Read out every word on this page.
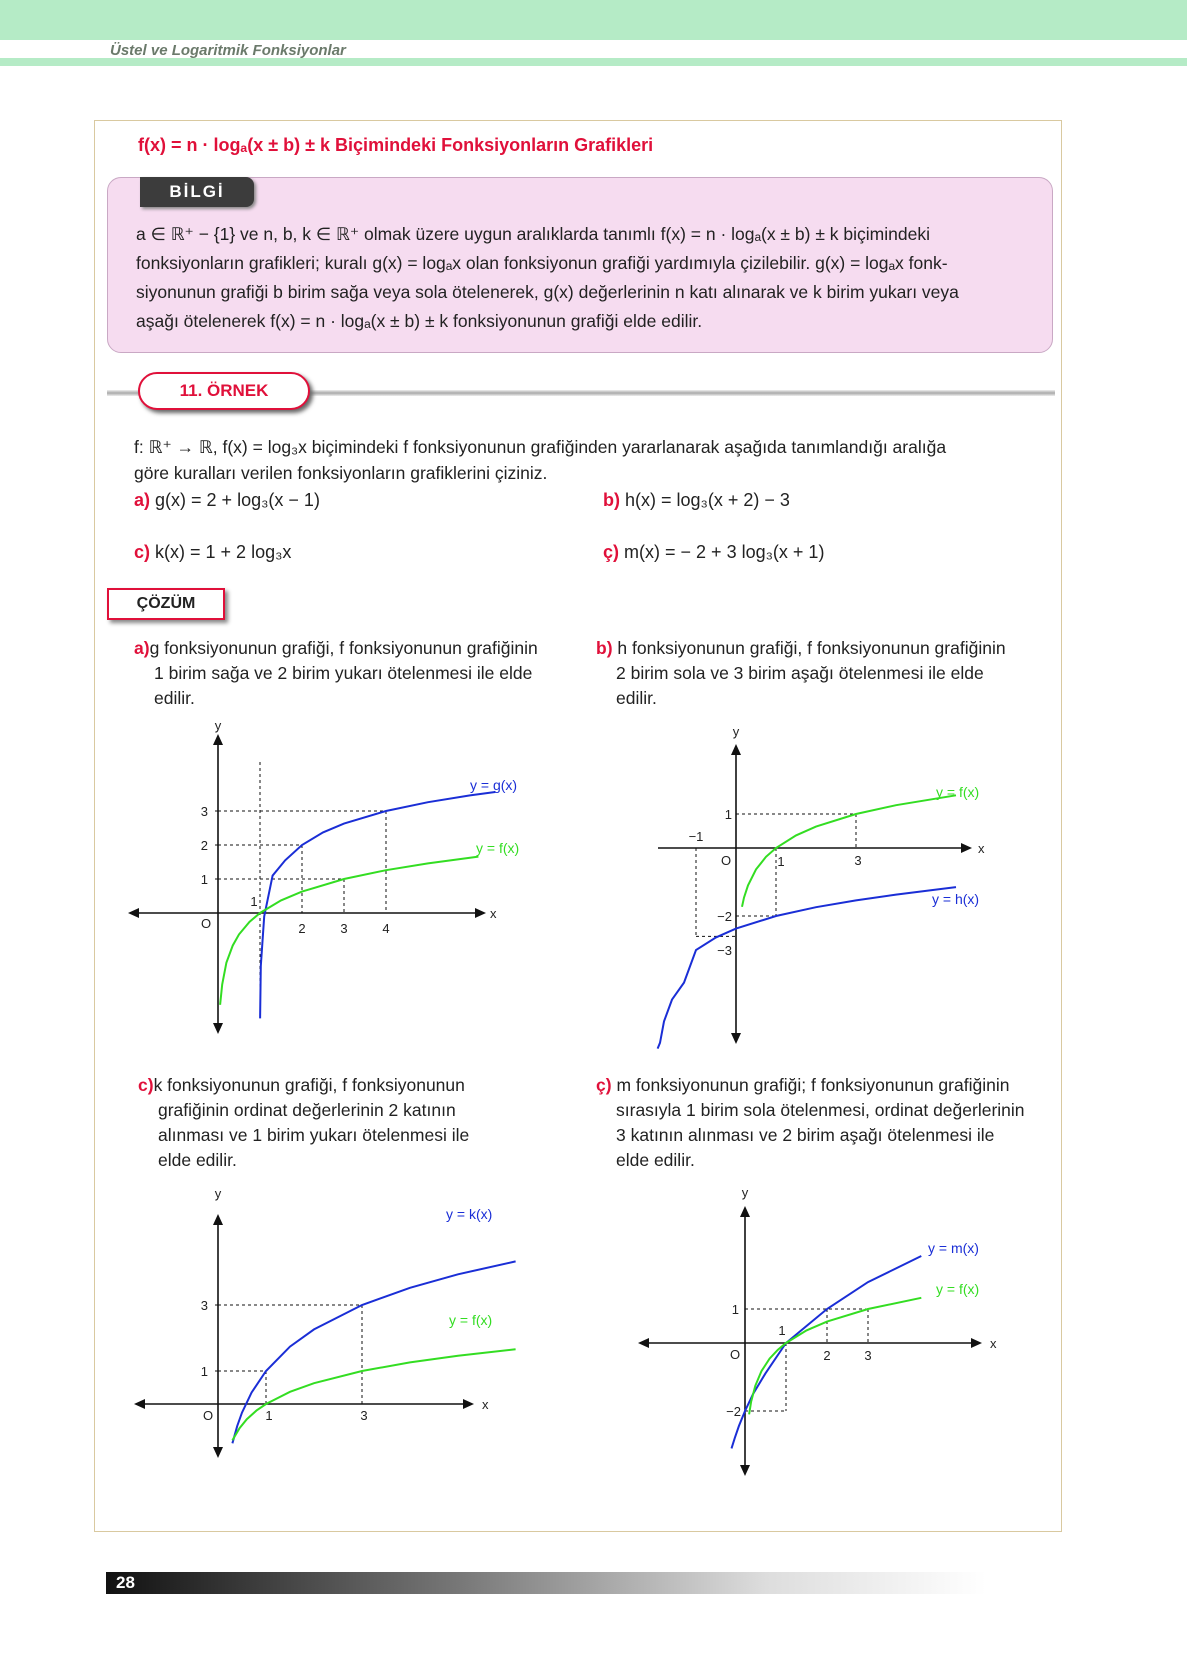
Üstel ve Logaritmik Fonksiyonlar
f(x) = n · logₐ(x ± b) ± k Biçimindeki Fonksiyonların Grafikleri
BİLGİ
a ∈ ℝ⁺ − {1} ve n, b, k ∈ ℝ⁺ olmak üzere uygun aralıklarda tanımlı f(x) = n · logₐ(x ± b) ± k biçimindeki
fonksiyonların grafikleri; kuralı g(x) = logₐx olan fonksiyonun grafiği yardımıyla çizilebilir. g(x) = logₐx fonk-
siyonunun grafiği b birim sağa veya sola ötelenerek, g(x) değerlerinin n katı alınarak ve k birim yukarı veya
aşağı ötelenerek f(x) = n · logₐ(x ± b) ± k fonksiyonunun grafiği elde edilir.
11. ÖRNEK
f: ℝ⁺ → ℝ, f(x) = log₃x biçimindeki f fonksiyonunun grafiğinden yararlanarak aşağıda tanımlandığı aralığa
göre kuralları verilen fonksiyonların grafiklerini çiziniz.
a) g(x) = 2 + log₃(x − 1)	b) h(x) = log₃(x + 2) − 3
c) k(x) = 1 + 2 log₃x	ç) m(x) = − 2 + 3 log₃(x + 1)
ÇÖZÜM
a)g fonksiyonunun grafiği, f fonksiyonunun grafiğinin
1 birim sağa ve 2 birim yukarı ötelenmesi ile elde
edilir.
b) h fonksiyonunun grafiği, f fonksiyonunun grafiğinin
2 birim sola ve 3 birim aşağı ötelenmesi ile elde
edilir.
c)k fonksiyonunun grafiği, f fonksiyonunun
grafiğinin ordinat değerlerinin 2 katının
alınması ve 1 birim yukarı ötelenmesi ile
elde edilir.
ç) m fonksiyonunun grafiği; f fonksiyonunun grafiğinin
sırasıyla 1 birim sola ötelenmesi, ordinat değerlerinin
3 katının alınması ve 2 birim aşağı ötelenmesi ile
elde edilir.
O
x
y
1
2	3	4
1
2
3
y = g(x)
y = f(x)
O
x
y
−1
1	3
1
−2
−3
y = f(x)
y = h(x)
O
x
y
1	3
1
3
y = k(x)
y = f(x)
O
x
y
1
2	3
1
−2
y = m(x)
y = f(x)
28
